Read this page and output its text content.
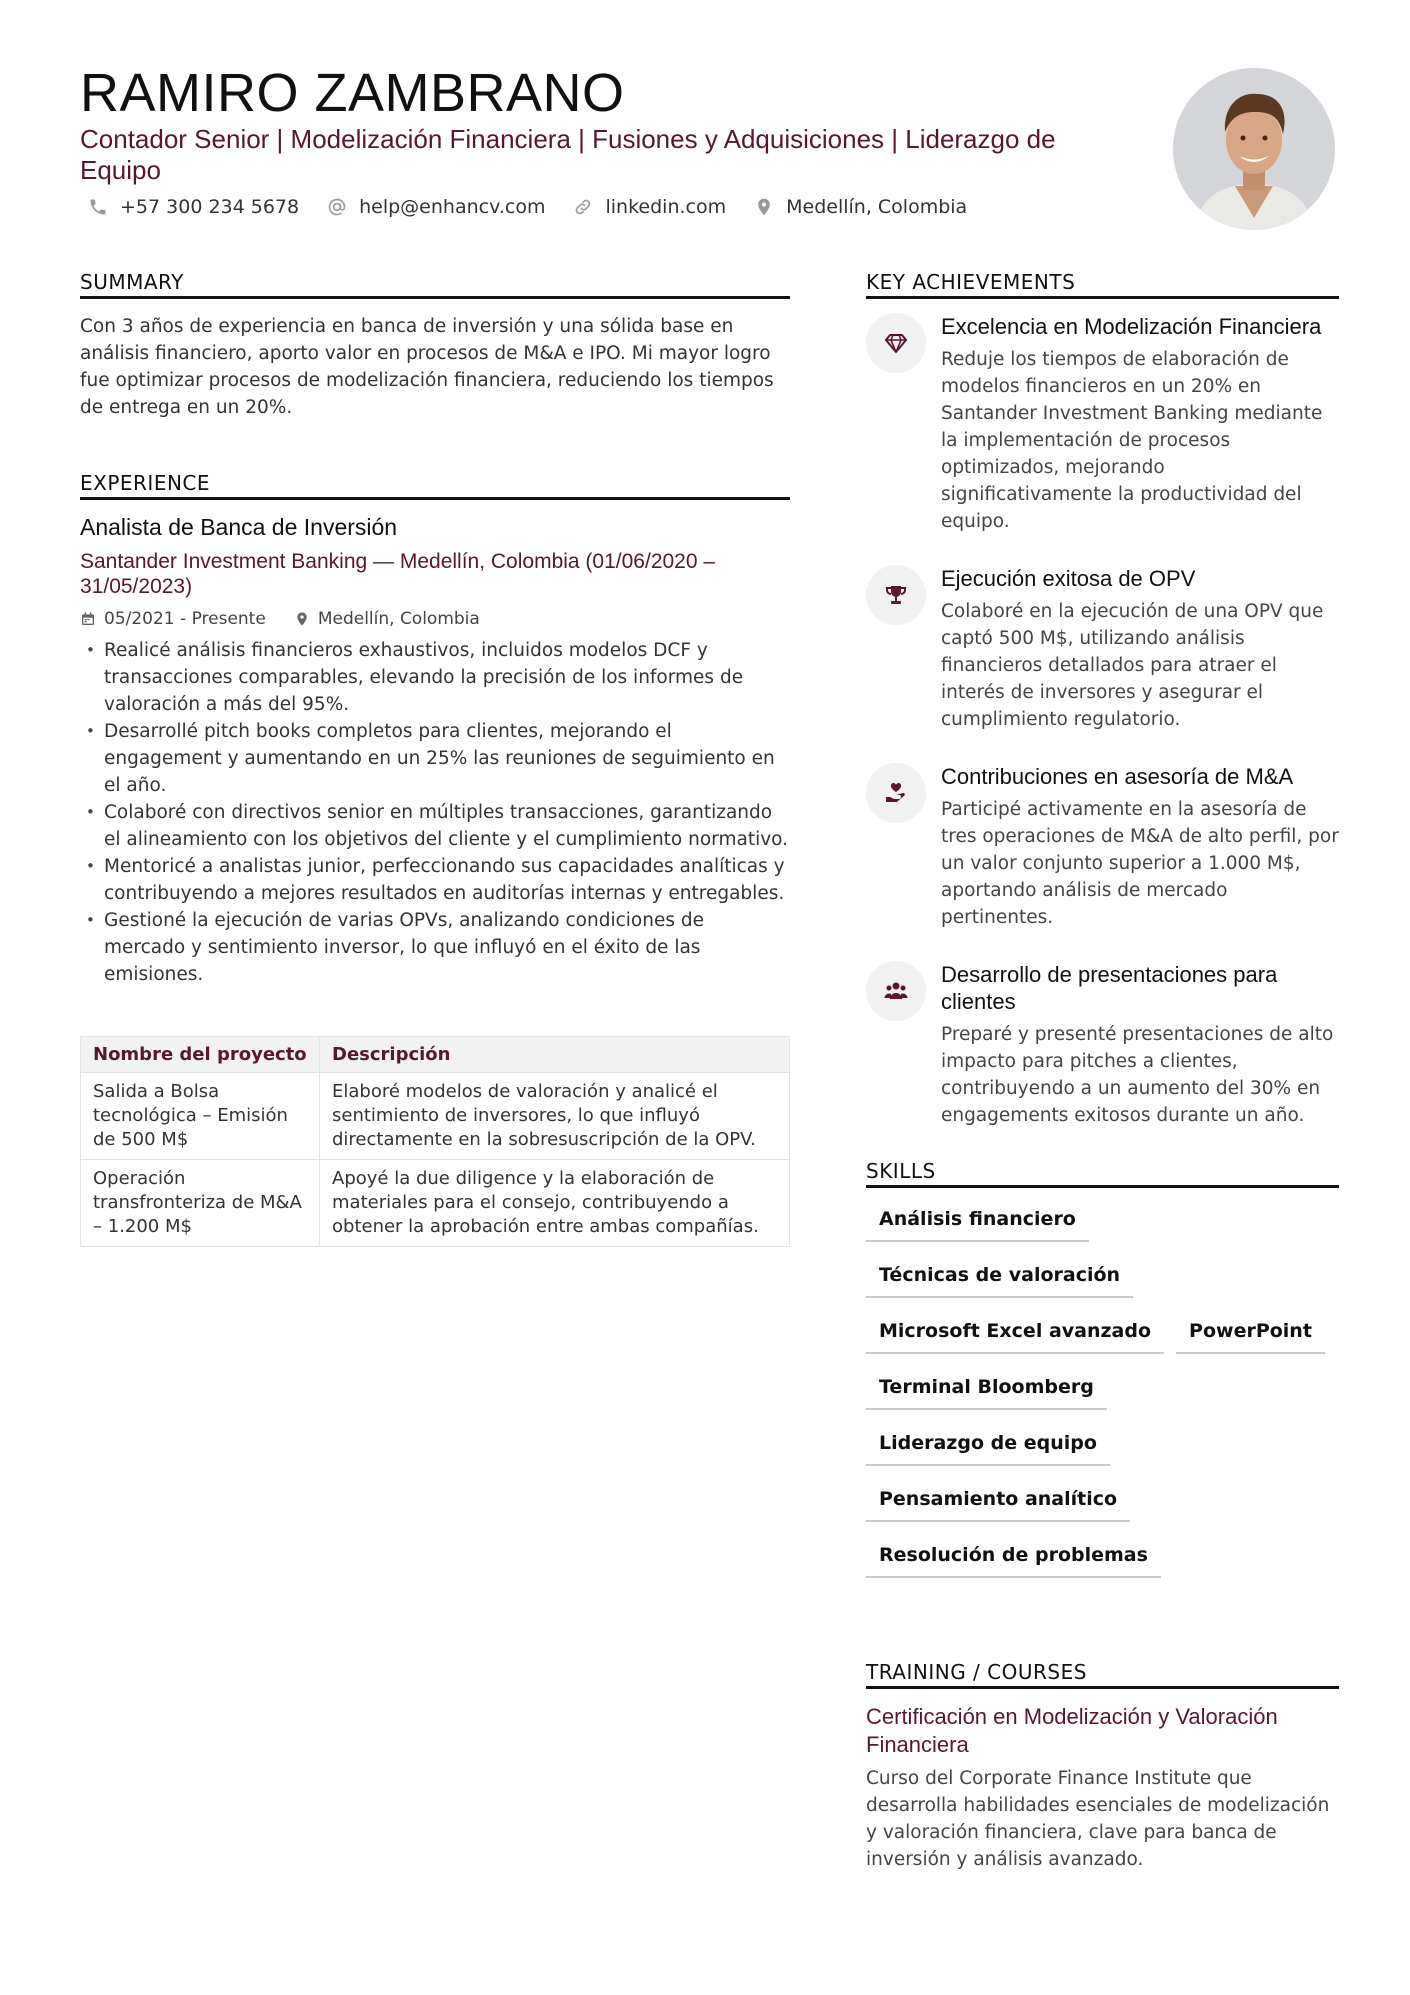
RAMIRO ZAMBRANO
Contador Senior | Modelización Financiera | Fusiones y Adquisiciones | Liderazgo de Equipo
+57 300 234 5678	help@enhancv.com	linkedin.com	Medellín, Colombia
SUMMARY

Con 3 años de experiencia en banca de inversión y una sólida base en análisis financiero, aporto valor en procesos de M&A e IPO. Mi mayor logro fue optimizar procesos de modelización financiera, reduciendo los tiempos de entrega en un 20%.

EXPERIENCE
Analista de Banca de Inversión
Santander Investment Banking — Medellín, Colombia (01/06/2020 – 31/05/2023)
05/2021 - Presente	Medellín, Colombia
• Realicé análisis financieros exhaustivos, incluidos modelos DCF y transacciones comparables, elevando la precisión de los informes de valoración a más del 95%.
• Desarrollé pitch books completos para clientes, mejorando el engagement y aumentando en un 25% las reuniones de seguimiento en el año.
• Colaboré con directivos senior en múltiples transacciones, garantizando el alineamiento con los objetivos del cliente y el cumplimiento normativo.
• Mentoricé a analistas junior, perfeccionando sus capacidades analíticas y contribuyendo a mejores resultados en auditorías internas y entregables.
• Gestioné la ejecución de varias OPVs, analizando condiciones de mercado y sentimiento inversor, lo que influyó en el éxito de las emisiones.
Nombre del proyecto	Descripción
Salida a Bolsa tecnológica – Emisión de 500 M$	Elaboré modelos de valoración y analicé el sentimiento de inversores, lo que influyó directamente en la sobresuscripción de la OPV.
Operación transfronteriza de M&A – 1.200 M$	Apoyé la due diligence y la elaboración de materiales para el consejo, contribuyendo a obtener la aprobación entre ambas compañías.
KEY ACHIEVEMENTS
Excelencia en Modelización Financiera
Reduje los tiempos de elaboración de modelos financieros en un 20% en Santander Investment Banking mediante la implementación de procesos optimizados, mejorando significativamente la productividad del equipo.
Ejecución exitosa de OPV
Colaboré en la ejecución de una OPV que captó 500 M$, utilizando análisis financieros detallados para atraer el interés de inversores y asegurar el cumplimiento regulatorio.
Contribuciones en asesoría de M&A
Participé activamente en la asesoría de tres operaciones de M&A de alto perfil, por un valor conjunto superior a 1.000 M$, aportando análisis de mercado pertinentes.
Desarrollo de presentaciones para clientes
Preparé y presenté presentaciones de alto impacto para pitches a clientes, contribuyendo a un aumento del 30% en engagements exitosos durante un año.
SKILLS
Análisis financiero
Técnicas de valoración
Microsoft Excel avanzado	PowerPoint
Terminal Bloomberg
Liderazgo de equipo
Pensamiento analítico
Resolución de problemas
TRAINING / COURSES
Certificación en Modelización y Valoración Financiera
Curso del Corporate Finance Institute que desarrolla habilidades esenciales de modelización y valoración financiera, clave para banca de inversión y análisis avanzado.
